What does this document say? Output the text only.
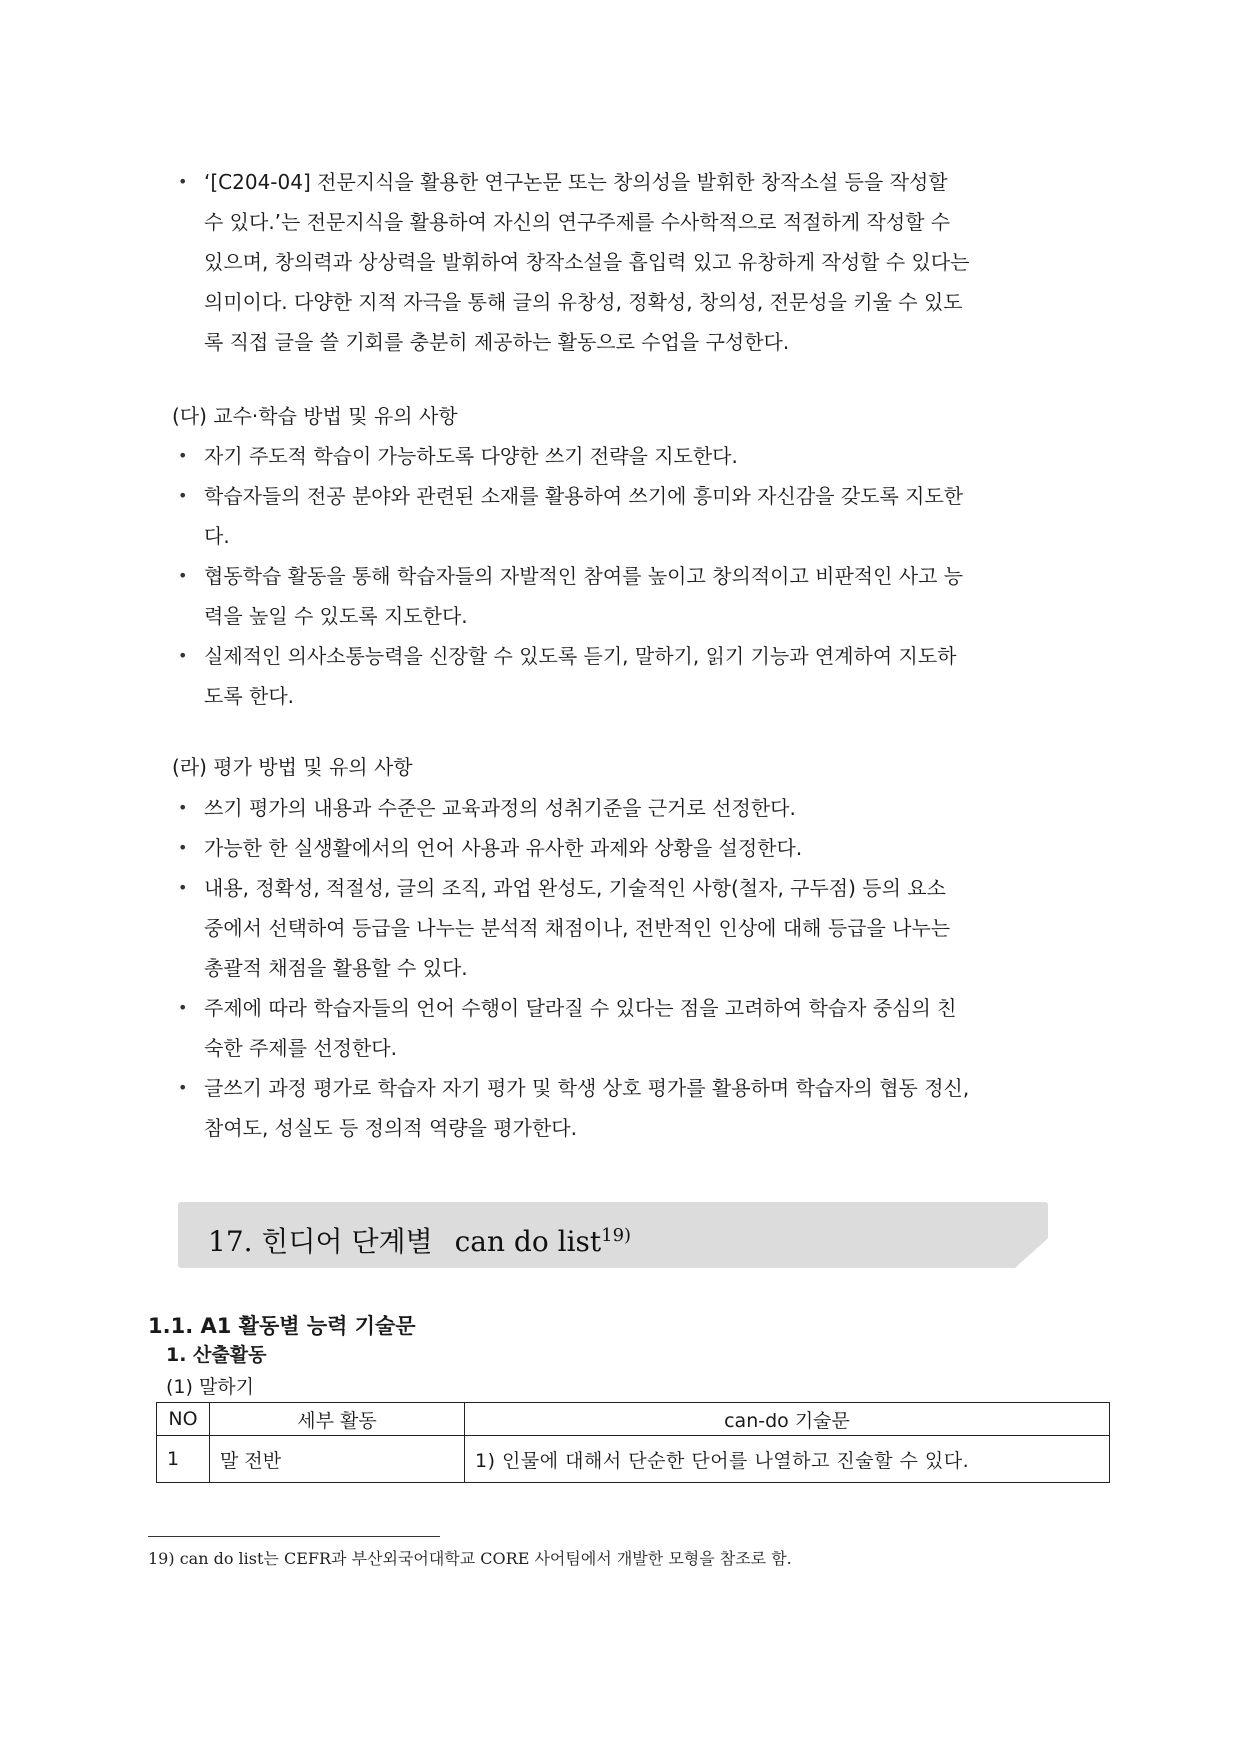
• ‘[C204-04] 전문지식을 활용한 연구논문 또는 창의성을 발휘한 창작소설 등을 작성할
수 있다.’는 전문지식을 활용하여 자신의 연구주제를 수사학적으로 적절하게 작성할 수
있으며, 창의력과 상상력을 발휘하여 창작소설을 흡입력 있고 유창하게 작성할 수 있다는
의미이다. 다양한 지적 자극을 통해 글의 유창성, 정확성, 창의성, 전문성을 키울 수 있도
록 직접 글을 쓸 기회를 충분히 제공하는 활동으로 수업을 구성한다.
(다) 교수·학습 방법 및 유의 사항
• 자기 주도적 학습이 가능하도록 다양한 쓰기 전략을 지도한다.
• 학습자들의 전공 분야와 관련된 소재를 활용하여 쓰기에 흥미와 자신감을 갖도록 지도한
다.
• 협동학습 활동을 통해 학습자들의 자발적인 참여를 높이고 창의적이고 비판적인 사고 능
력을 높일 수 있도록 지도한다.
• 실제적인 의사소통능력을 신장할 수 있도록 듣기, 말하기, 읽기 기능과 연계하여 지도하
도록 한다.
(라) 평가 방법 및 유의 사항
• 쓰기 평가의 내용과 수준은 교육과정의 성취기준을 근거로 선정한다.
• 가능한 한 실생활에서의 언어 사용과 유사한 과제와 상황을 설정한다.
• 내용, 정확성, 적절성, 글의 조직, 과업 완성도, 기술적인 사항(철자, 구두점) 등의 요소
중에서 선택하여 등급을 나누는 분석적 채점이나, 전반적인 인상에 대해 등급을 나누는
총괄적 채점을 활용할 수 있다.
• 주제에 따라 학습자들의 언어 수행이 달라질 수 있다는 점을 고려하여 학습자 중심의 친
숙한 주제를 선정한다.
• 글쓰기 과정 평가로 학습자 자기 평가 및 학생 상호 평가를 활용하며 학습자의 협동 정신,
참여도, 성실도 등 정의적 역량을 평가한다.
17. 힌디어 단계별 can do list$^{19)}$
1.1. A1 활동별 능력 기술문
1. 산출활동
(1) 말하기
NO	세부 활동	can-do 기술문
1	말 전반	1) 인물에 대해서 단순한 단어를 나열하고 진술할 수 있다.
19) can do list는 CEFR과 부산외국어대학교 CORE 사어팀에서 개발한 모형을 참조로 함.
